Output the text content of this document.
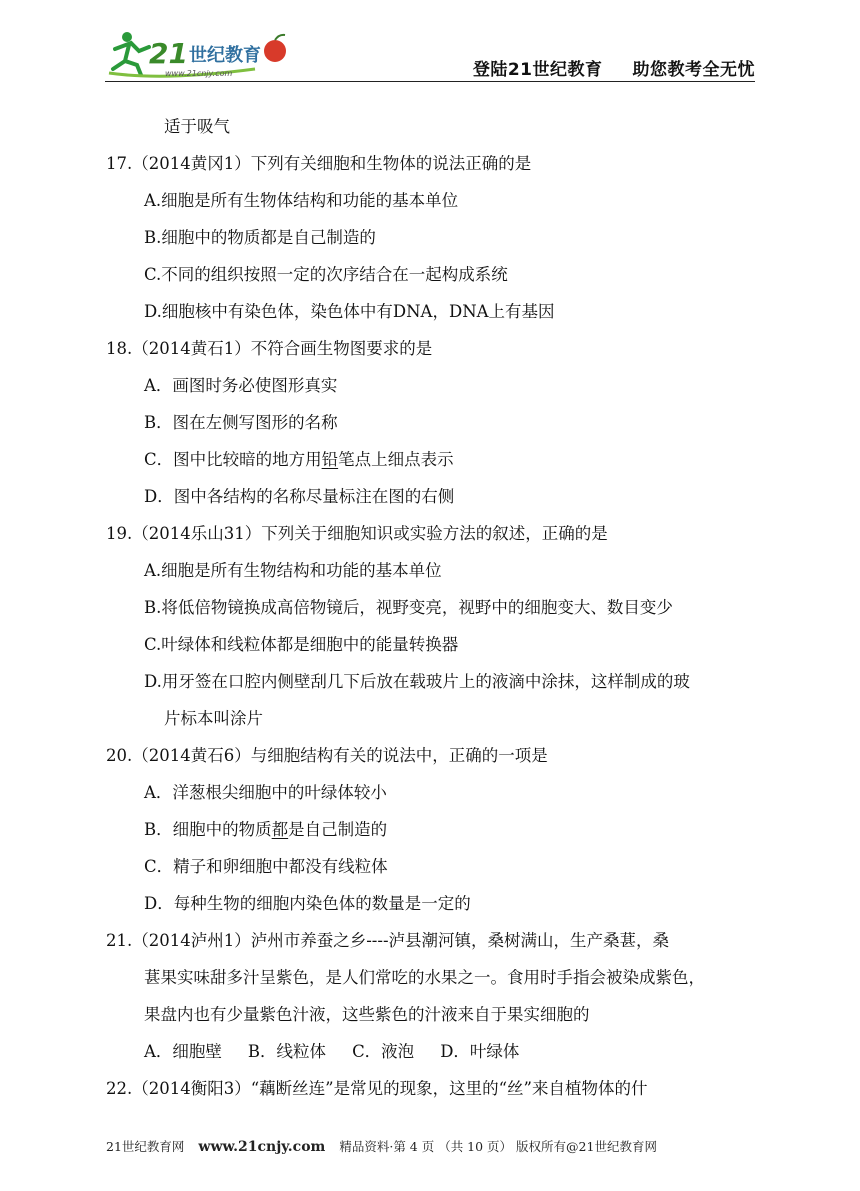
21 世纪教育
www.21cnjy.com	登陆21世纪教育 助您教考全无忧
适于吸气
17.（2014黄冈1）下列有关细胞和生物体的说法正确的是
A.细胞是所有生物体结构和功能的基本单位
B.细胞中的物质都是自己制造的
C.不同的组织按照一定的次序结合在一起构成系统
D.细胞核中有染色体，染色体中有DNA，DNA上有基因
18.（2014黄石1）不符合画生物图要求的是
A．画图时务必使图形真实
B．图在左侧写图形的名称
C．图中比较暗的地方用铅笔点上细点表示
D．图中各结构的名称尽量标注在图的右侧
19.（2014乐山31）下列关于细胞知识或实验方法的叙述，正确的是
A.细胞是所有生物结构和功能的基本单位
B.将低倍物镜换成高倍物镜后，视野变亮，视野中的细胞变大、数目变少
C.叶绿体和线粒体都是细胞中的能量转换器
D.用牙签在口腔内侧壁刮几下后放在载玻片上的液滴中涂抹，这样制成的玻
片标本叫涂片
20.（2014黄石6）与细胞结构有关的说法中，正确的一项是
A．洋葱根尖细胞中的叶绿体较小
B．细胞中的物质都是自己制造的
C．精子和卵细胞中都没有线粒体
D．每种生物的细胞内染色体的数量是一定的
21.（2014泸州1）泸州市养蚕之乡----泸县潮河镇，桑树满山，生产桑葚，桑
葚果实味甜多汁呈紫色，是人们常吃的水果之一。食用时手指会被染成紫色，
果盘内也有少量紫色汁液，这些紫色的汁液来自于果实细胞的
A．细胞壁 B．线粒体 C．液泡 D．叶绿体
22.（2014衡阳3）“藕断丝连”是常见的现象，这里的“丝”来自植物体的什
21世纪教育网 www.21cnjy.com 精品资料·第 4 页 （共 10 页） 版权所有@21世纪教育网
